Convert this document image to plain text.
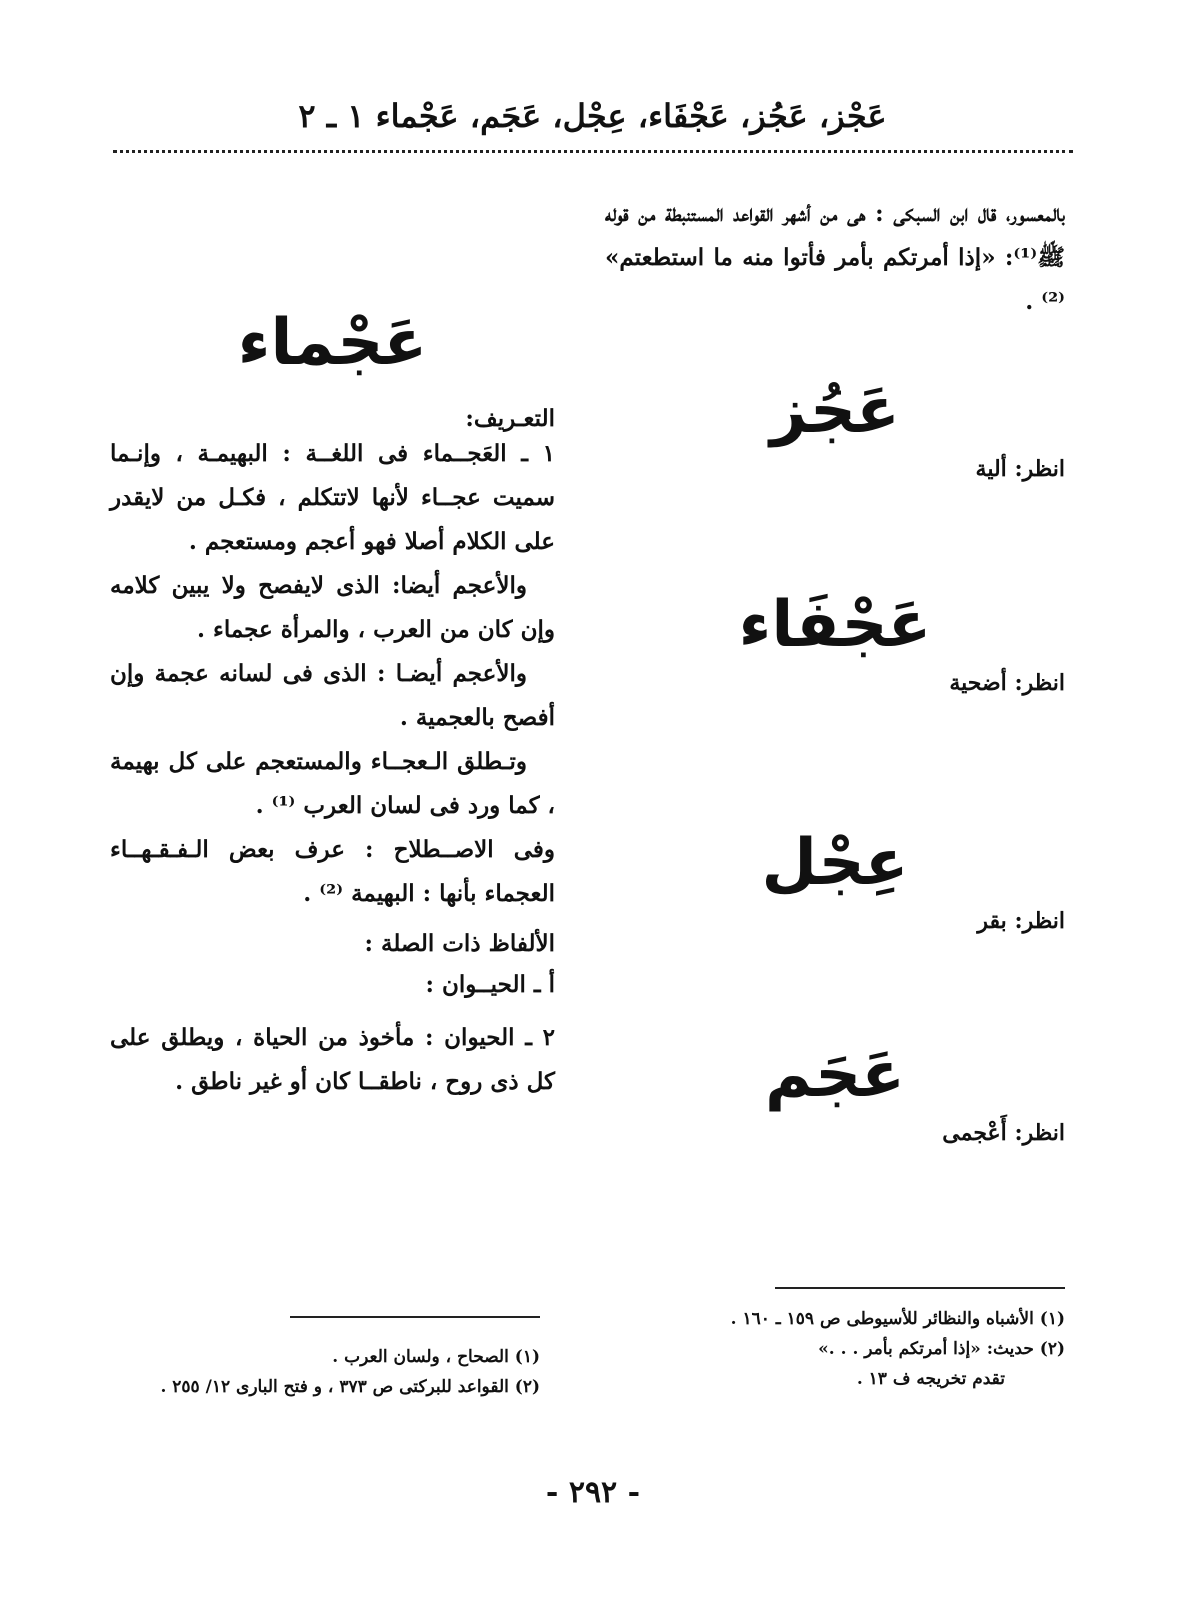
عَجْز، عَجُز، عَجْفَاء، عِجْل، عَجَم، عَجْماء ١ ـ ٢

بالمعسور، قال ابن السبكى : هى من أشهر القواعد المستنبطة من قوله ﷺ⁽¹⁾: «إذا أمرتكم بأمر فأتوا منه ما استطعتم» ⁽²⁾ .

عَجُز

انظر: ألية

عَجْفَاء

انظر: أضحية

عِجْل

انظر: بقر

عَجَم

انظر: أَعْجمى

(١) الأشباه والنظائر للأسيوطى ص ١٥٩ ـ ١٦٠ .
(٢) حديث: «إذا أمرتكم بأمر . . .»
تقدم تخريجه ف ١٣ .
عَجْماء

التعـريف:

١ ـ العَجــماء فى اللغــة : البهيمـة ، وإنـما سميت عجــاء لأنها لاتتكلم ، فكـل من لايقدر على الكلام أصلا فهو أعجم ومستعجم .

والأعجم أيضا: الذى لايفصح ولا يبين كلامه وإن كان من العرب ، والمرأة عجماء .

والأعجم أيضـا : الذى فى لسانه عجمة وإن أفصح بالعجمية .

وتـطلق الـعجــاء والمستعجم على كل بهيمة ، كما ورد فى لسان العرب ⁽¹⁾ .

وفى الاصــطلاح : عرف بعض الـفـقـهــاء العجماء بأنها : البهيمة ⁽²⁾ .

الألفاظ ذات الصلة :

أ ـ الحيــوان :

٢ ـ الحيوان : مأخوذ من الحياة ، ويطلق على كل ذى روح ، ناطقــا كان أو غير ناطق .

(١) الصحاح ، ولسان العرب .
(٢) القواعد للبركتى ص ٣٧٣ ، و فتح البارى ١٢/ ٢٥٥ .
- ٢٩٢ -
